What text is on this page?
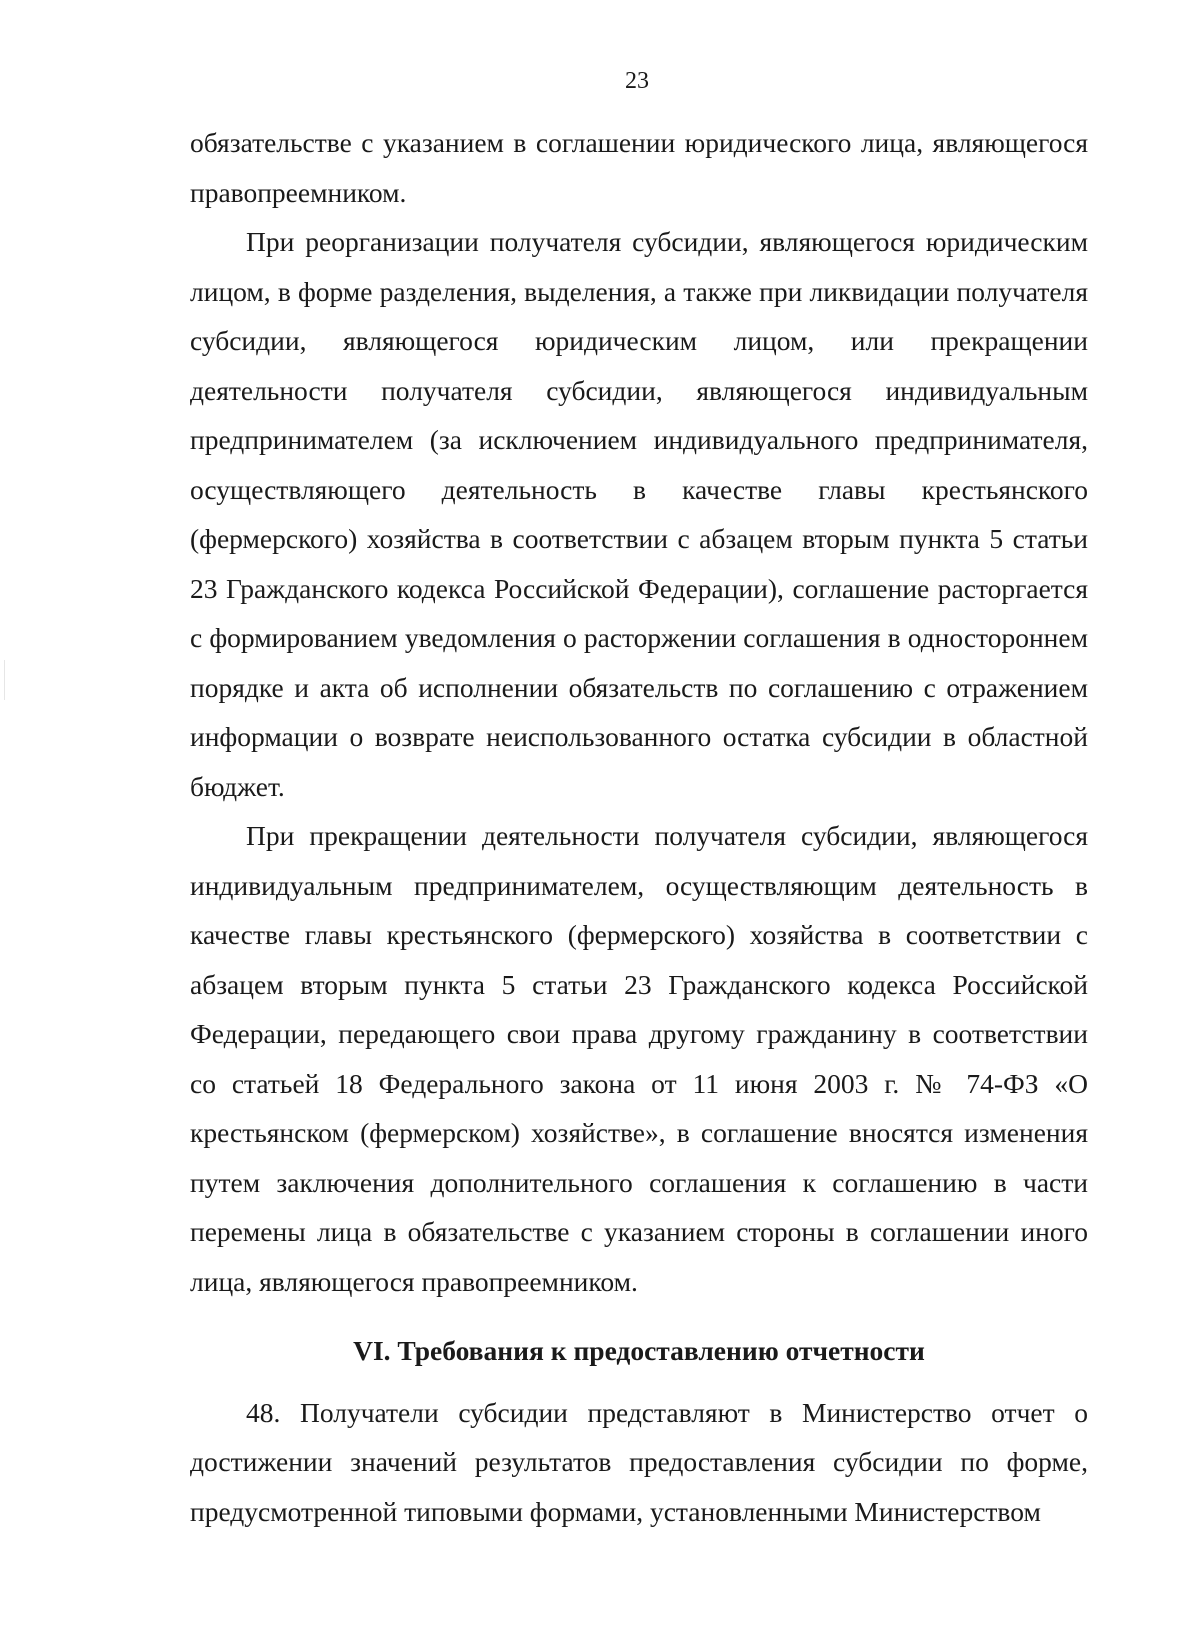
23

обязательстве с указанием в соглашении юридического лица, являющегося правопреемником.

При реорганизации получателя субсидии, являющегося юридическим лицом, в форме разделения, выделения, а также при ликвидации получателя субсидии, являющегося юридическим лицом, или прекращении деятельности получателя субсидии, являющегося индивидуальным предпринимателем (за исключением индивидуального предпринимателя, осуществляющего деятельность в качестве главы крестьянского (фермерского) хозяйства в соответствии с абзацем вторым пункта 5 статьи 23 Гражданского кодекса Российской Федерации), соглашение расторгается с формированием уведомления о расторжении соглашения в одностороннем порядке и акта об исполнении обязательств по соглашению с отражением информации о возврате неиспользованного остатка субсидии в областной бюджет.

При прекращении деятельности получателя субсидии, являющегося индивидуальным предпринимателем, осуществляющим деятельность в качестве главы крестьянского (фермерского) хозяйства в соответствии с абзацем вторым пункта 5 статьи 23 Гражданского кодекса Российской Федерации, передающего свои права другому гражданину в соответствии со статьей 18 Федерального закона от 11 июня 2003 г. № 74-ФЗ «О крестьянском (фермерском) хозяйстве», в соглашение вносятся изменения путем заключения дополнительного соглашения к соглашению в части перемены лица в обязательстве с указанием стороны в соглашении иного лица, являющегося правопреемником.

VI. Требования к предоставлению отчетности

48. Получатели субсидии представляют в Министерство отчет о достижении значений результатов предоставления субсидии по форме, предусмотренной типовыми формами, установленными Министерством
